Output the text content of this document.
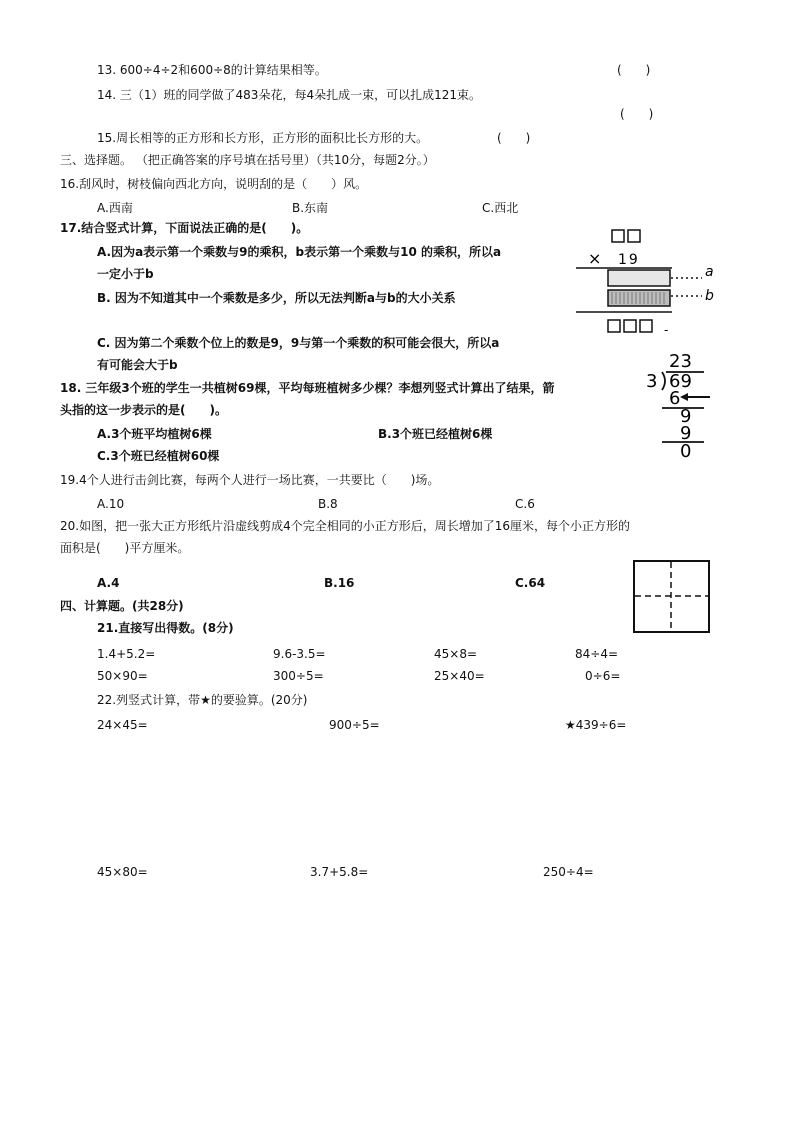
13. 600÷4÷2和600÷8的计算结果相等。	(　　)
14. 三（1）班的同学做了483朵花，每4朵扎成一束，可以扎成121束。
(　　)
15.周长相等的正方形和长方形，正方形的面积比长方形的大。	(　　)
三、选择题。 （把正确答案的序号填在括号里）（共10分，每题2分。）
16.刮风时，树枝偏向西北方向，说明刮的是（　　）风。
A.西南	B.东南	C.西北
17.结合竖式计算，下面说法正确的是(　　)。
A.因为a表示第一个乘数与9的乘积，b表示第一个乘数与10 的乘积，所以a
一定小于b
B. 因为不知道其中一个乘数是多少，所以无法判断a与b的大小关系
C. 因为第二个乘数个位上的数是9，9与第一个乘数的积可能会很大，所以a
有可能会大于b
× 19
a
b
-
18. 三年级3个班的学生一共植树69棵，平均每班植树多少棵？李想列竖式计算出了结果，箭
头指的这一步表示的是(　　)。
A.3个班平均植树6棵	B.3个班已经植树6棵
C.3个班已经植树60棵
23
3 69
6
9
9
0
19.4个人进行击剑比赛，每两个人进行一场比赛，一共要比（　　)场。
A.10	B.8	C.6
20.如图，把一张大正方形纸片沿虚线剪成4个完全相同的小正方形后，周长增加了16厘米，每个小正方形的
面积是(　　)平方厘米。
A.4	B.16	C.64
四、计算题。(共28分)
21.直接写出得数。(8分)
1.4+5.2=	9.6-3.5=	45×8=	84÷4=
50×90=	300÷5=	25×40=	0÷6=
22.列竖式计算，带★的要验算。(20分)
24×45=	900÷5=	★439÷6=
45×80=	3.7+5.8=	250÷4=
